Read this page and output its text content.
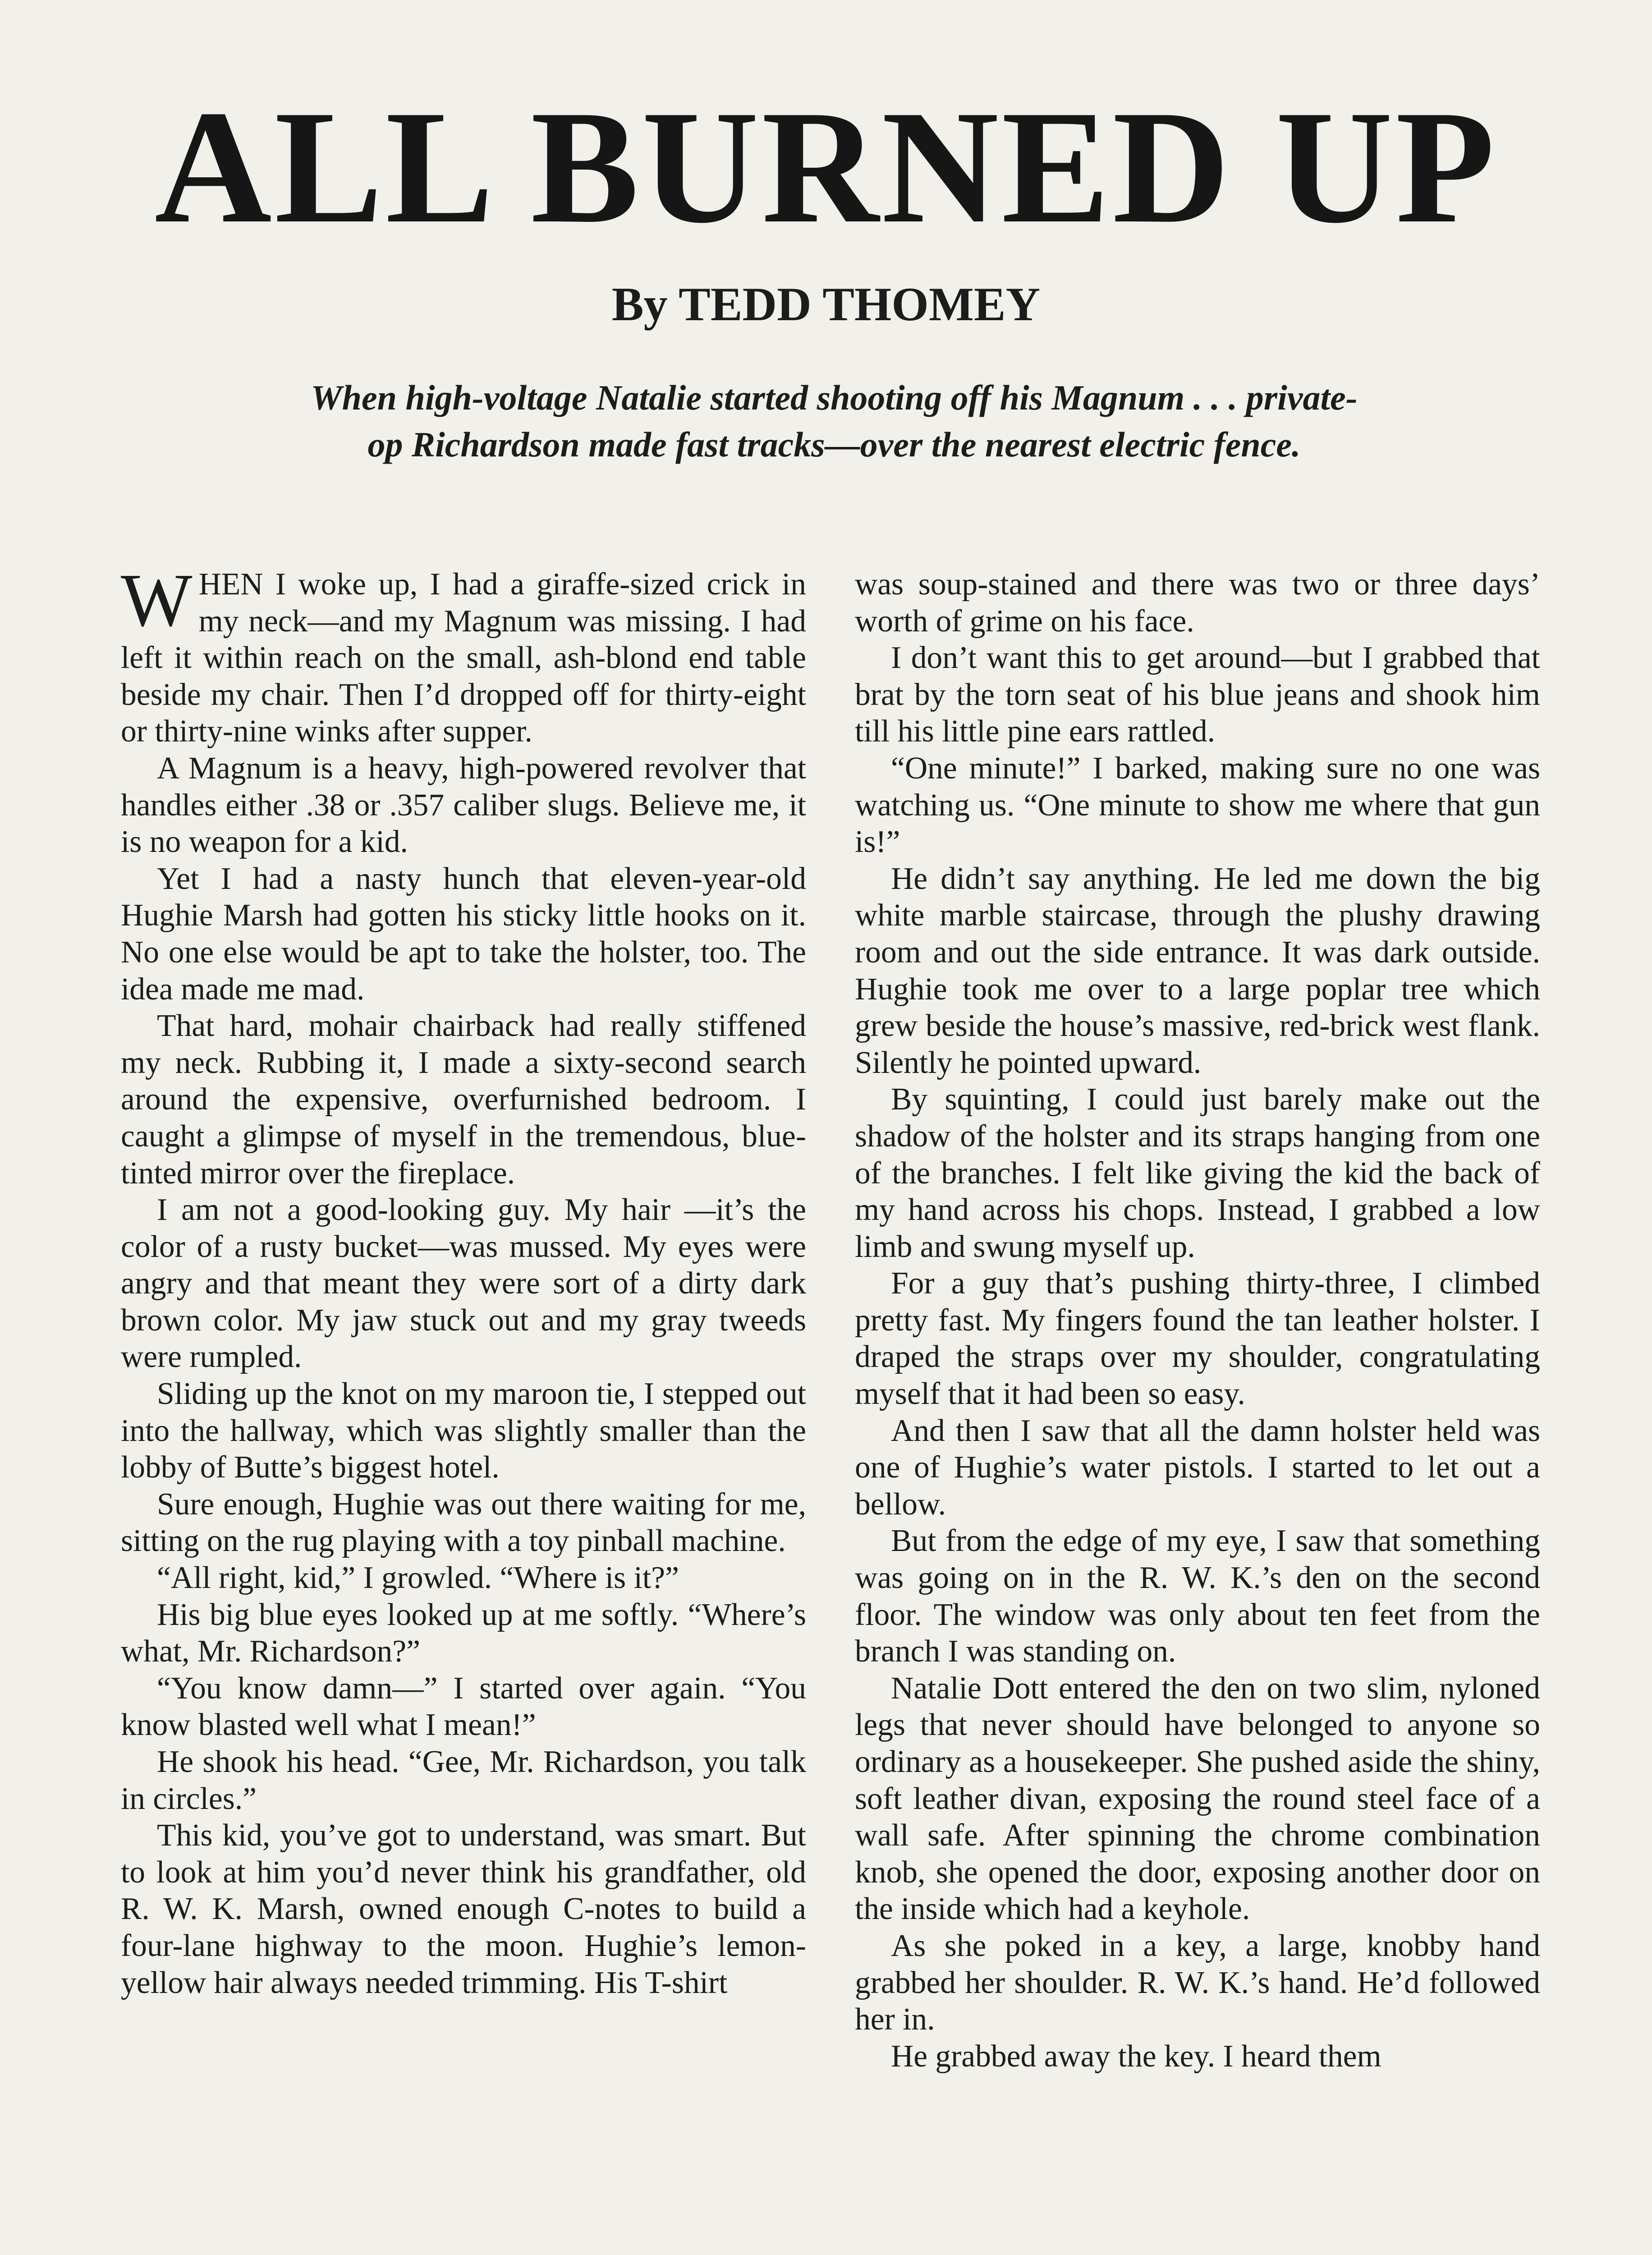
ALL BURNED UP
By TEDD THOMEY
When high-voltage Natalie started shooting off his Magnum . . . private-op Richardson made fast tracks—over the nearest electric fence.

WHEN I woke up, I had a giraffe-sized crick in my neck—and my Magnum was missing. I had left it within reach on the small, ash-blond end table beside my chair. Then I’d dropped off for thirty-eight or thirty-nine winks after supper.

A Magnum is a heavy, high-powered revolver that handles either .38 or .357 caliber slugs. Believe me, it is no weapon for a kid.

Yet I had a nasty hunch that eleven-year-old Hughie Marsh had gotten his sticky little hooks on it. No one else would be apt to take the holster, too. The idea made me mad.

That hard, mohair chairback had really stiffened my neck. Rubbing it, I made a sixty-second search around the expensive, overfurnished bedroom. I caught a glimpse of myself in the tremendous, blue-tinted mirror over the fireplace.

I am not a good-looking guy. My hair —it’s the color of a rusty bucket—was mussed. My eyes were angry and that meant they were sort of a dirty dark brown color. My jaw stuck out and my gray tweeds were rumpled.

Sliding up the knot on my maroon tie, I stepped out into the hallway, which was slightly smaller than the lobby of Butte’s biggest hotel.

Sure enough, Hughie was out there waiting for me, sitting on the rug playing with a toy pinball machine.

“All right, kid,” I growled. “Where is it?”

His big blue eyes looked up at me softly. “Where’s what, Mr. Richardson?”

“You know damn—” I started over again. “You know blasted well what I mean!”

He shook his head. “Gee, Mr. Richardson, you talk in circles.”

This kid, you’ve got to understand, was smart. But to look at him you’d never think his grandfather, old R. W. K. Marsh, owned enough C-notes to build a four-lane highway to the moon. Hughie’s lemon-yellow hair always needed trimming. His T-shirt

was soup-stained and there was two or three days’ worth of grime on his face.

I don’t want this to get around—but I grabbed that brat by the torn seat of his blue jeans and shook him till his little pine ears rattled.

“One minute!” I barked, making sure no one was watching us. “One minute to show me where that gun is!”

He didn’t say anything. He led me down the big white marble staircase, through the plushy drawing room and out the side entrance. It was dark outside. Hughie took me over to a large poplar tree which grew beside the house’s massive, red-brick west flank. Silently he pointed upward.

By squinting, I could just barely make out the shadow of the holster and its straps hanging from one of the branches. I felt like giving the kid the back of my hand across his chops. Instead, I grabbed a low limb and swung myself up.

For a guy that’s pushing thirty-three, I climbed pretty fast. My fingers found the tan leather holster. I draped the straps over my shoulder, congratulating myself that it had been so easy.

And then I saw that all the damn holster held was one of Hughie’s water pistols. I started to let out a bellow.

But from the edge of my eye, I saw that something was going on in the R. W. K.’s den on the second floor. The window was only about ten feet from the branch I was standing on.

Natalie Dott entered the den on two slim, nyloned legs that never should have belonged to anyone so ordinary as a housekeeper. She pushed aside the shiny, soft leather divan, exposing the round steel face of a wall safe. After spinning the chrome combination knob, she opened the door, exposing another door on the inside which had a keyhole.

As she poked in a key, a large, knobby hand grabbed her shoulder. R. W. K.’s hand. He’d followed her in.

He grabbed away the key. I heard them
